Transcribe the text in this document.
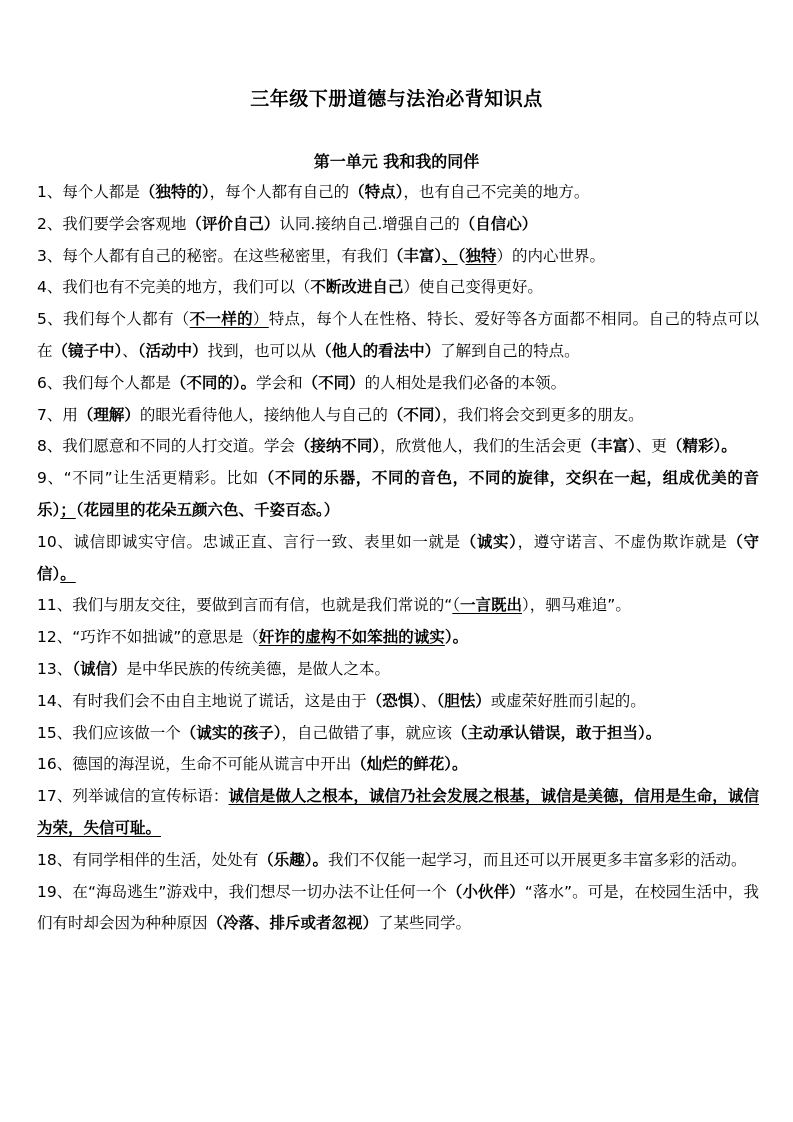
三年级下册道德与法治必背知识点
第一单元 我和我的同伴

1、每个人都是（独特的），每个人都有自己的（特点），也有自己不完美的地方。

2、我们要学会客观地（评价自己）认同.接纳自己.增强自己的（自信心）

3、每个人都有自己的秘密。在这些秘密里，有我们（丰富）、（独特）的内心世界。

4、我们也有不完美的地方，我们可以（不断改进自己）使自己变得更好。

5、我们每个人都有（不一样的）特点，每个人在性格、特长、爱好等各方面都不相同。自己的特点可以在（镜子中）、（活动中）找到，也可以从（他人的看法中）了解到自己的特点。

6、我们每个人都是（不同的）。学会和（不同）的人相处是我们必备的本领。

7、用（理解）的眼光看待他人，接纳他人与自己的（不同），我们将会交到更多的朋友。

8、我们愿意和不同的人打交道。学会（接纳不同），欣赏他人，我们的生活会更（丰富）、更（精彩）。

9、“不同”让生活更精彩。比如（不同的乐器，不同的音色，不同的旋律，交织在一起，组成优美的音乐）；（花园里的花朵五颜六色、千姿百态。）

10、诚信即诚实守信。忠诚正直、言行一致、表里如一就是（诚实），遵守诺言、不虚伪欺诈就是（守信）。

11、我们与朋友交往，要做到言而有信，也就是我们常说的“（一言既出），驷马难追”。

12、“巧诈不如拙诚”的意思是（奸诈的虚构不如笨拙的诚实）。

13、（诚信）是中华民族的传统美德，是做人之本。

14、有时我们会不由自主地说了谎话，这是由于（恐惧）、（胆怯）或虚荣好胜而引起的。

15、我们应该做一个（诚实的孩子），自己做错了事，就应该（主动承认错误，敢于担当）。

16、德国的海涅说，生命不可能从谎言中开出（灿烂的鲜花）。

17、列举诚信的宣传标语：诚信是做人之根本，诚信乃社会发展之根基，诚信是美德，信用是生命，诚信为荣，失信可耻。

18、有同学相伴的生活，处处有（乐趣）。我们不仅能一起学习，而且还可以开展更多丰富多彩的活动。

19、在“海岛逃生”游戏中，我们想尽一切办法不让任何一个（小伙伴）“落水”。可是，在校园生活中，我们有时却会因为种种原因（冷落、排斥或者忽视）了某些同学。
